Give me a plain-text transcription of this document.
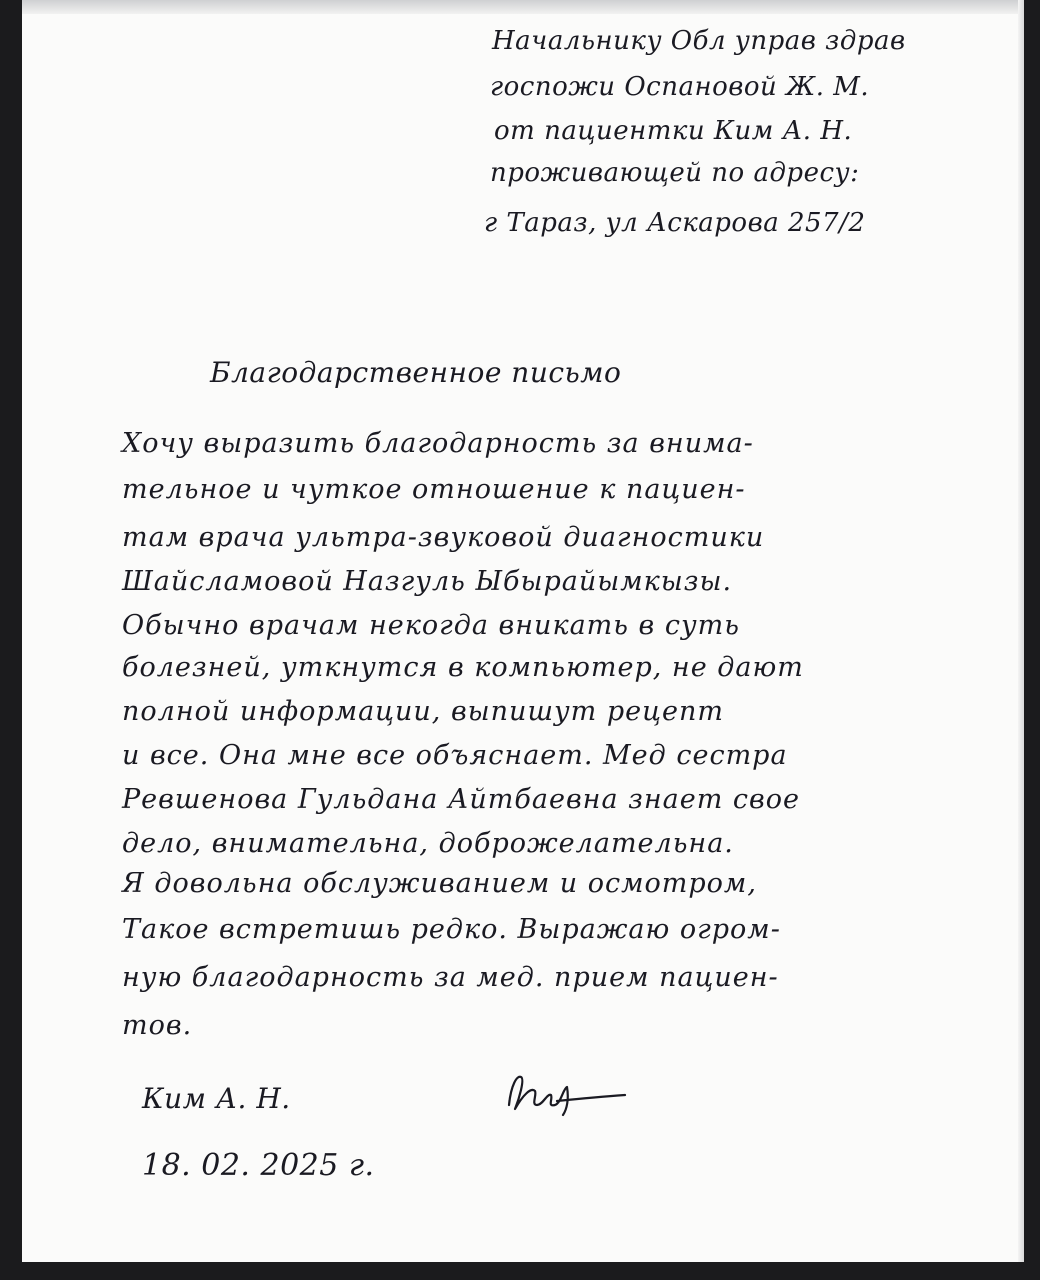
Начальнику Обл управ здрав
госпожи Оспановой Ж. М.
от пациентки Ким А. Н.
проживающей по адресу:
г Тараз, ул Аскарова 257/2
Благодарственное письмо
Хочу выразить благодарность за внима-
тельное и чуткое отношение к пациен-
там врача ультра-звуковой диагностики
Шайсламовой Назгуль Ыбырайымкызы.
Обычно врачам некогда вникать в суть
болезней, уткнутся в компьютер, не дают
полной информации, выпишут рецепт
и все. Она мне все объяснает. Мед сестра
Ревшенова Гульдана Айтбаевна знает свое
дело, внимательна, доброжелательна.
Я довольна обслуживанием и осмотром,
Такое встретишь редко. Выражаю огром-
ную благодарность за мед. прием пациен-
тов.
Ким А. Н.
18. 02. 2025 г.
